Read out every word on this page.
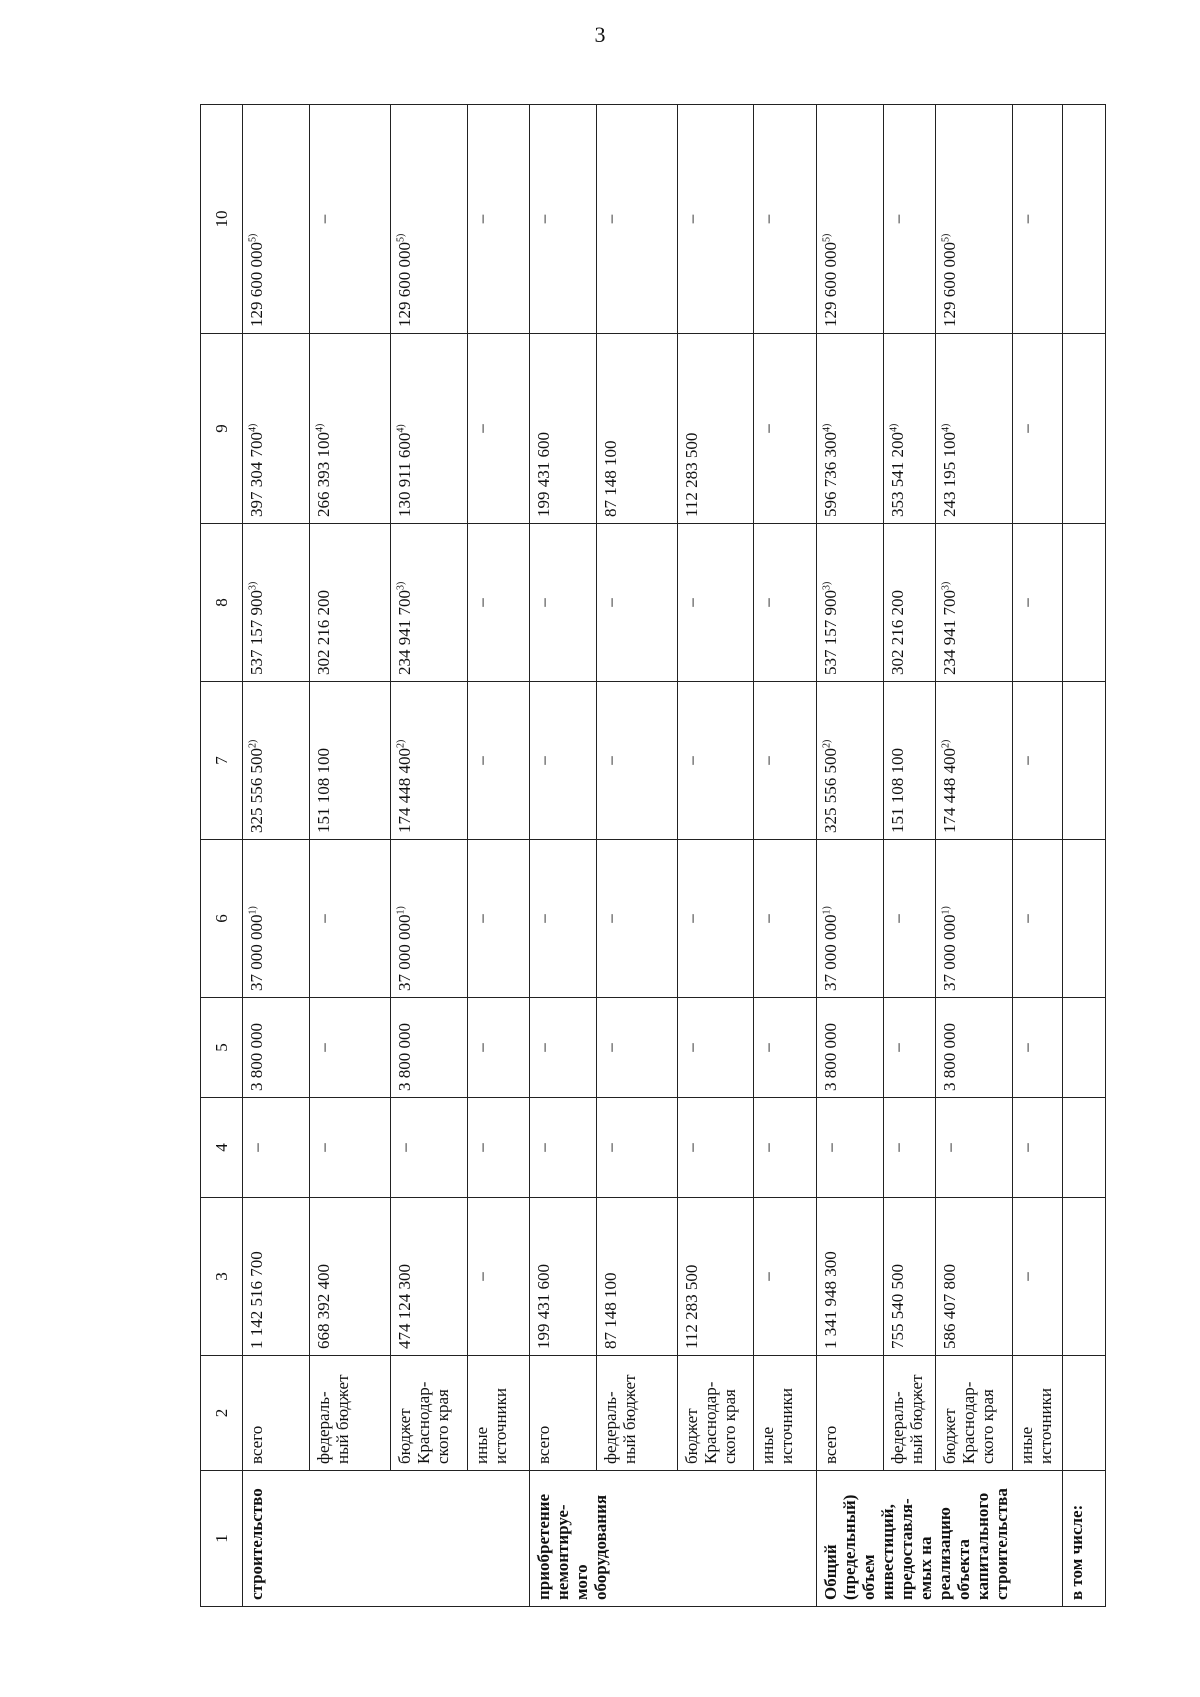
3
1	2	3	4	5	6	7	8	9	10
строительство	всего	1 142 516 700	–	3 800 000	37 000 000$^{1)}$	325 556 500$^{2)}$	537 157 900$^{3)}$	397 304 700$^{4)}$	129 600 000$^{5)}$
	федераль-ный бюджет	668 392 400	–	–	–	151 108 100	302 216 200	266 393 100$^{4)}$	–
	бюджет Краснодар-ского края	474 124 300	–	3 800 000	37 000 000$^{1)}$	174 448 400$^{2)}$	234 941 700$^{3)}$	130 911 600$^{4)}$	129 600 000$^{5)}$
	иные источники	–	–	–	–	–	–	–	–
приобретение немонтируе-мого оборудования	всего	199 431 600	–	–	–	–	–	199 431 600	–
	федераль-ный бюджет	87 148 100	–	–	–	–	–	87 148 100	–
	бюджет Краснодар-ского края	112 283 500	–	–	–	–	–	112 283 500	–
	иные источники	–	–	–	–	–	–	–	–
Общий (предельный) объем инвестиций, предоставля-емых на реализацию объекта капитального строительства	всего	1 341 948 300	–	3 800 000	37 000 000$^{1)}$	325 556 500$^{2)}$	537 157 900$^{3)}$	596 736 300$^{4)}$	129 600 000$^{5)}$
	федераль-ный бюджет	755 540 500	–	–	–	151 108 100	302 216 200	353 541 200$^{4)}$	–
	бюджет Краснодар-ского края	586 407 800	–	3 800 000	37 000 000$^{1)}$	174 448 400$^{2)}$	234 941 700$^{3)}$	243 195 100$^{4)}$	129 600 000$^{5)}$
	иные источники	–	–	–	–	–	–	–	–
в том числе:									
